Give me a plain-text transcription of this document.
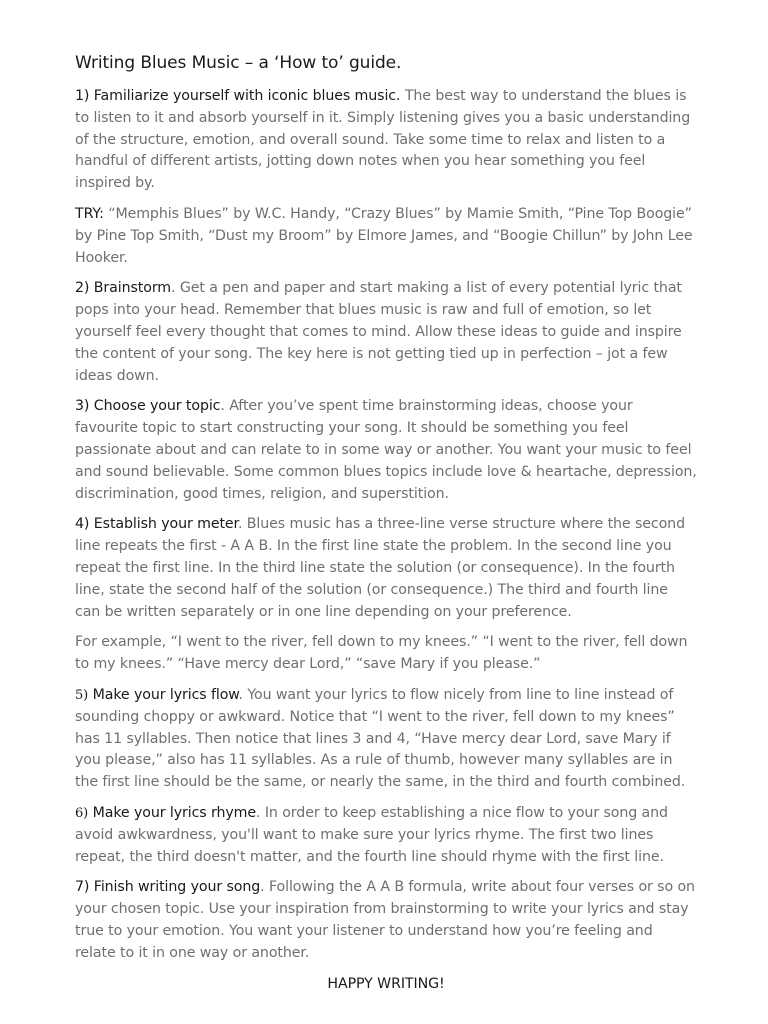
Writing Blues Music – a ‘How to’ guide.

1) Familiarize yourself with iconic blues music. The best way to understand the blues is to listen to it and absorb yourself in it. Simply listening gives you a basic understanding of the structure, emotion, and overall sound. Take some time to relax and listen to a handful of different artists, jotting down notes when you hear something you feel inspired by.

TRY: “Memphis Blues” by W.C. Handy, “Crazy Blues” by Mamie Smith, “Pine Top Boogie” by Pine Top Smith, “Dust my Broom” by Elmore James, and “Boogie Chillun” by John Lee Hooker.

2) Brainstorm. Get a pen and paper and start making a list of every potential lyric that pops into your head. Remember that blues music is raw and full of emotion, so let yourself feel every thought that comes to mind. Allow these ideas to guide and inspire the content of your song. The key here is not getting tied up in perfection – jot a few ideas down.

3) Choose your topic. After you’ve spent time brainstorming ideas, choose your favourite topic to start constructing your song. It should be something you feel passionate about and can relate to in some way or another. You want your music to feel and sound believable. Some common blues topics include love & heartache, depression, discrimination, good times, religion, and superstition.

4) Establish your meter. Blues music has a three-line verse structure where the second line repeats the first - A A B. In the first line state the problem. In the second line you repeat the first line. In the third line state the solution (or consequence). In the fourth line, state the second half of the solution (or consequence.) The third and fourth line can be written separately or in one line depending on your preference.

For example, “I went to the river, fell down to my knees.” “I went to the river, fell down to my knees.” “Have mercy dear Lord,” “save Mary if you please.”

5) Make your lyrics flow. You want your lyrics to flow nicely from line to line instead of sounding choppy or awkward. Notice that “I went to the river, fell down to my knees” has 11 syllables. Then notice that lines 3 and 4, “Have mercy dear Lord, save Mary if you please,” also has 11 syllables. As a rule of thumb, however many syllables are in the first line should be the same, or nearly the same, in the third and fourth combined.

6) Make your lyrics rhyme. In order to keep establishing a nice flow to your song and avoid awkwardness, you'll want to make sure your lyrics rhyme. The first two lines repeat, the third doesn't matter, and the fourth line should rhyme with the first line.

7) Finish writing your song. Following the A A B formula, write about four verses or so on your chosen topic. Use your inspiration from brainstorming to write your lyrics and stay true to your emotion. You want your listener to understand how you’re feeling and relate to it in one way or another.

HAPPY WRITING!
